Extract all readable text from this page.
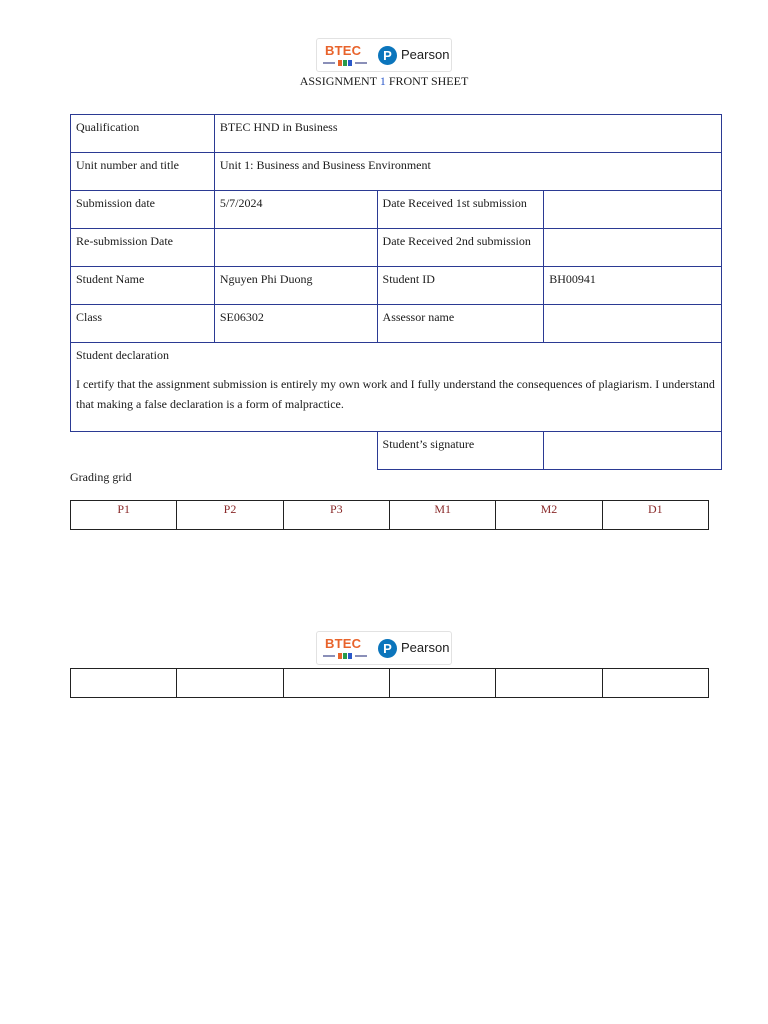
BTEC	P Pearson
ASSIGNMENT 1 FRONT SHEET
Qualification	BTEC HND in Business		
Unit number and title	Unit 1: Business and Business Environment		
Submission date	5/7/2024	Date Received 1st submission	
Re-submission Date		Date Received 2nd submission	
Student Name	Nguyen Phi Duong	Student ID	BH00941
Class	SE06302	Assessor name	

Student declaration

I certify that the assignment submission is entirely my own work and I fully understand the consequences of plagiarism. I understand that making a false declaration is a form of malpractice.			

		Student’s signature	
Grading grid
P1	P2	P3	M1	M2	D1
BTEC	P Pearson
